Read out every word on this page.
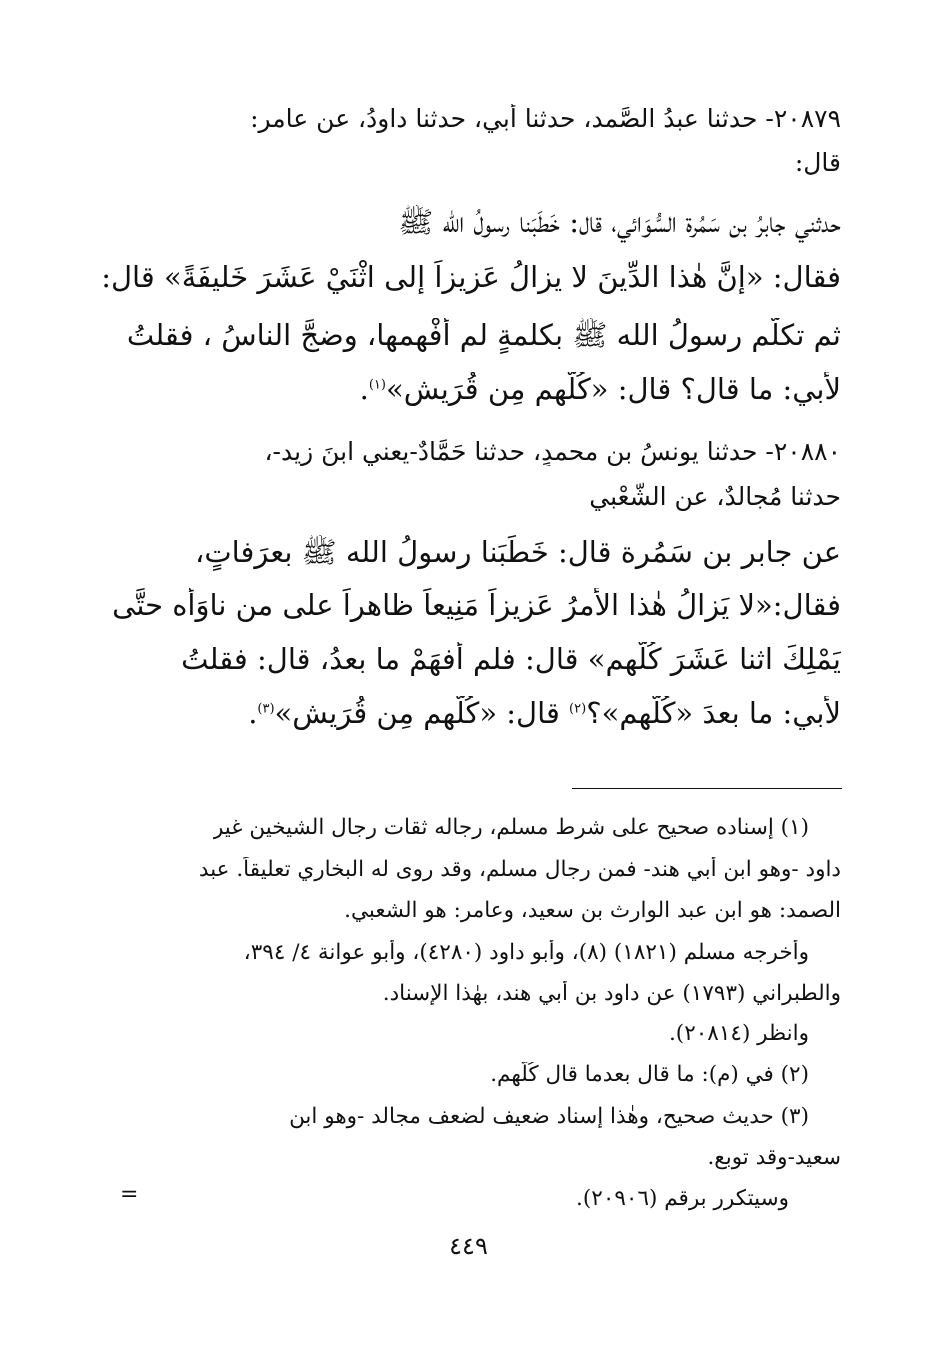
٢٠٨٧٩- حدثنا عبدُ الصَّمد، حدثنا أَبي، حدثنا داودُ، عن عامرٍ:
قال:
حدثني جابرُ بن سَمُرة السُّوَائي، قال: خَطَبَنا رسولُ الله ﷺ
فقال: «إنَّ هٰذا الدِّينَ لا يزالُ عَزيزاً إلى اثْنَيْ عَشَرَ خَليفَةً» قال:
ثم تكلَّم رسولُ الله ﷺ بكلمةٍ لم أَفْهمها، وضجَّ الناسُ ، فقلتُ
لأبي: ما قال؟ قال: «كُلُّهم مِن قُرَيشٍ»$^{(١)}$.
٢٠٨٨٠- حدثنا يونسُ بن محمدٍ، حدثنا حَمَّادٌ-يعني ابنَ زيد-،
حدثنا مُجالدٌ، عن الشَّعْبي
عن جابر بن سَمُرة قال: خَطَبَنا رسولُ الله ﷺ بعرَفاتٍ،
فقال:«لا يَزالُ هٰذا الأمرُ عَزِيزاً مَنِيعاً ظاهراً على من ناوَأَه حتَّى
يَمْلِكَ اثنا عَشَرَ كُلُّهم» قال: فلم أَفهَمْ ما بعدُ، قال: فقلتُ
لأبي: ما بعدَ «كُلُّهم»؟$^{(٢)}$ قال: «كُلُّهم مِن قُرَيشٍ»$^{(٣)}$.
(١) إسناده صحيح على شرط مسلم، رجاله ثقات رجال الشيخين غير
داود -وهو ابن أبي هند- فمن رجال مسلم، وقد روى له البخاري تعليقاً. عبد
الصمد: هو ابن عبد الوارث بن سعيد، وعامر: هو الشعبي.
وأخرجه مسلم (١٨٢١) (٨)، وأبو داود (٤٢٨٠)، وأبو عوانة ٤/ ٣٩٤،
والطبراني (١٧٩٣) عن داود بن أبي هند، بهٰذا الإسناد.
وانظر (٢٠٨١٤).
(٢) في (م): ما قال بعدما قال كُلُّهم.
(٣) حديث صحيح، وهٰذا إسناد ضعيف لضعف مجالد -وهو ابن
سعيد-وقد توبع.
وسيتكرر برقم (٢٠٩٠٦).
=
٤٤٩
